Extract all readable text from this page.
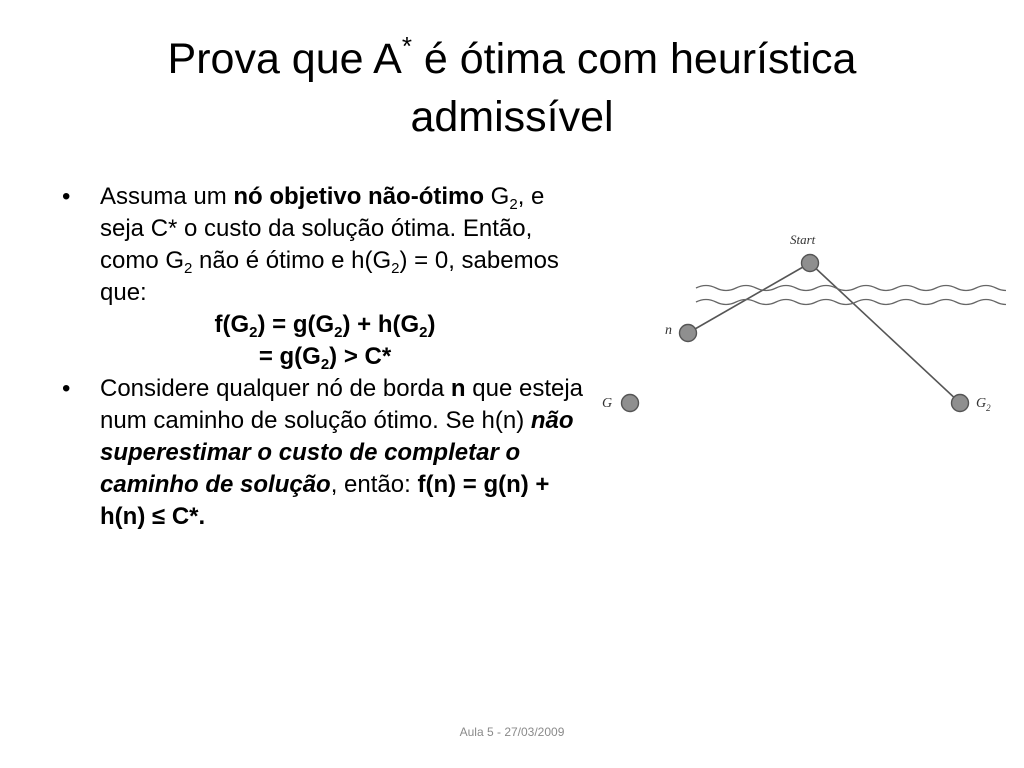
Prova que A* é ótima com heurística
admissível
• Assuma um nó objetivo não-ótimo $G_2$, e seja C* o custo da solução ótima. Então, como $G_2$ não é ótimo e $h(G_2) = 0$, sabemos que:
$f(G_2) = g(G_2) + h(G_2)$
= $g(G_2) > C*$
• Considere qualquer nó de borda n que esteja num caminho de solução ótimo. Se h(n) não superestimar o custo de completar o caminho de solução, então: f(n) = g(n) + h(n) ≤ C*.
Start
n
G	$G_2$
Aula 5 - 27/03/2009
